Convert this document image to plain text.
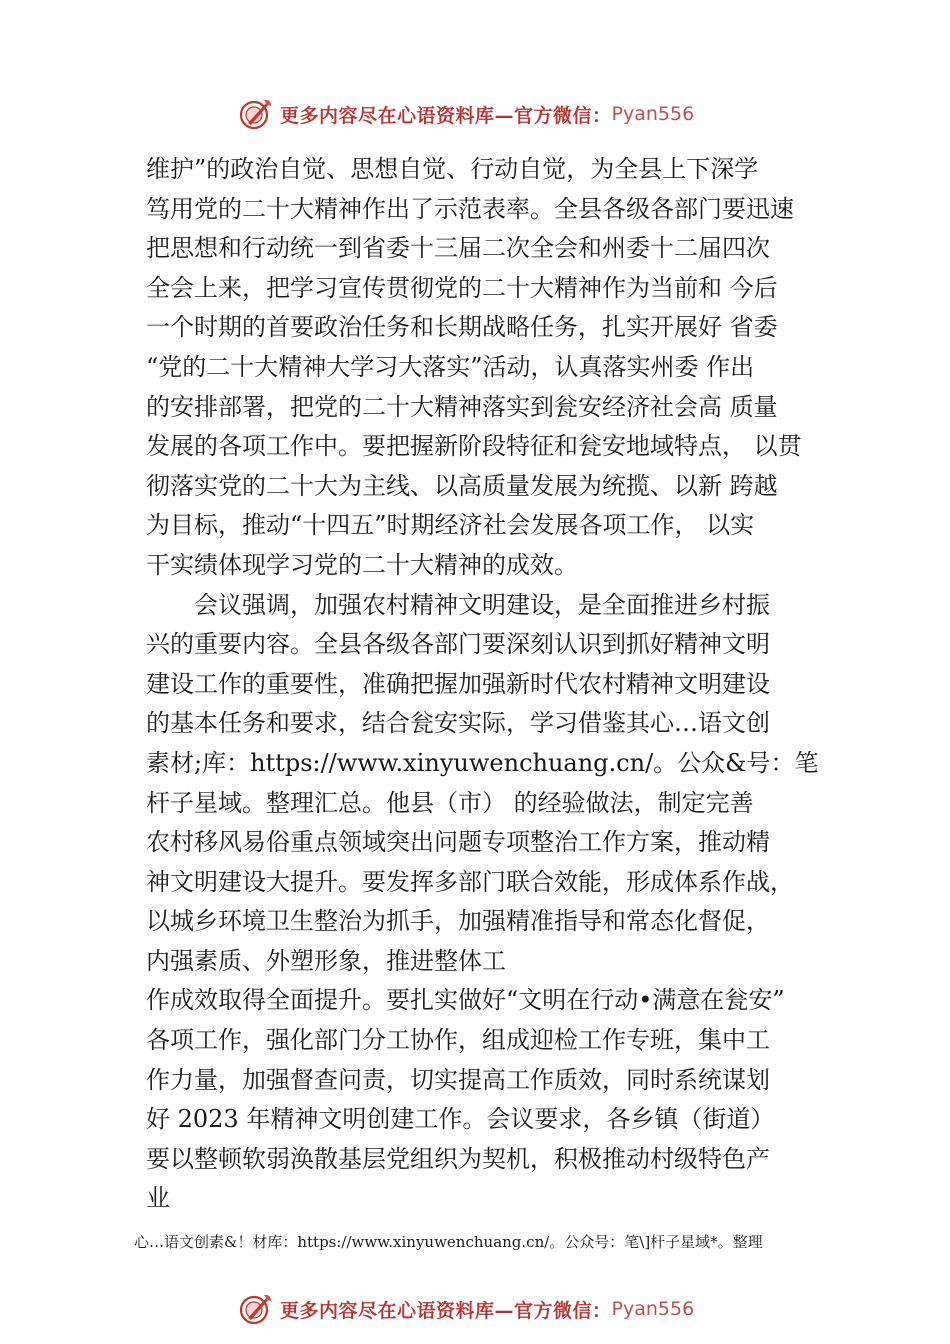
更多内容尽在心语资料库—官方微信： Pyan556
维护”的政治自觉、思想自觉、行动自觉，为全县上下深学
笃用党的二十大精神作出了示范表率。全县各级各部门要迅速
把思想和行动统一到省委十三届二次全会和州委十二届四次
全会上来，把学习宣传贯彻党的二十大精神作为当前和 今后
一个时期的首要政治任务和长期战略任务，扎实开展好 省委
“党的二十大精神大学习大落实”活动，认真落实州委 作出
的安排部署，把党的二十大精神落实到瓮安经济社会高 质量
发展的各项工作中。要把握新阶段特征和瓮安地域特点， 以贯
彻落实党的二十大为主线、以高质量发展为统揽、以新 跨越
为目标，推动“十四五”时期经济社会发展各项工作， 以实
干实绩体现学习党的二十大精神的成效。
会议强调，加强农村精神文明建设，是全面推进乡村振
兴的重要内容。全县各级各部门要深刻认识到抓好精神文明
建设工作的重要性，准确把握加强新时代农村精神文明建设
的基本任务和要求，结合瓮安实际，学习借鉴其心…语文创
素材;库：https://www.xinyuwenchuang.cn/。公众&号：笔
杆子星域。整理汇总。他县（市） 的经验做法，制定完善
农村移风易俗重点领域突出问题专项整治工作方案，推动精
神文明建设大提升。要发挥多部门联合效能，形成体系作战，
以城乡环境卫生整治为抓手，加强精准指导和常态化督促，
内强素质、外塑形象，推进整体工
作成效取得全面提升。要扎实做好“文明在行动•满意在瓮安”
各项工作，强化部门分工协作，组成迎检工作专班，集中工
作力量，加强督查问责，切实提高工作质效，同时系统谋划
好 2023 年精神文明创建工作。会议要求，各乡镇（街道）
要以整顿软弱涣散基层党组织为契机，积极推动村级特色产
业
心…语文创素&！材库：https://www.xinyuwenchuang.cn/。公众号：笔\]杆子星域*。整理
更多内容尽在心语资料库—官方微信： Pyan556
